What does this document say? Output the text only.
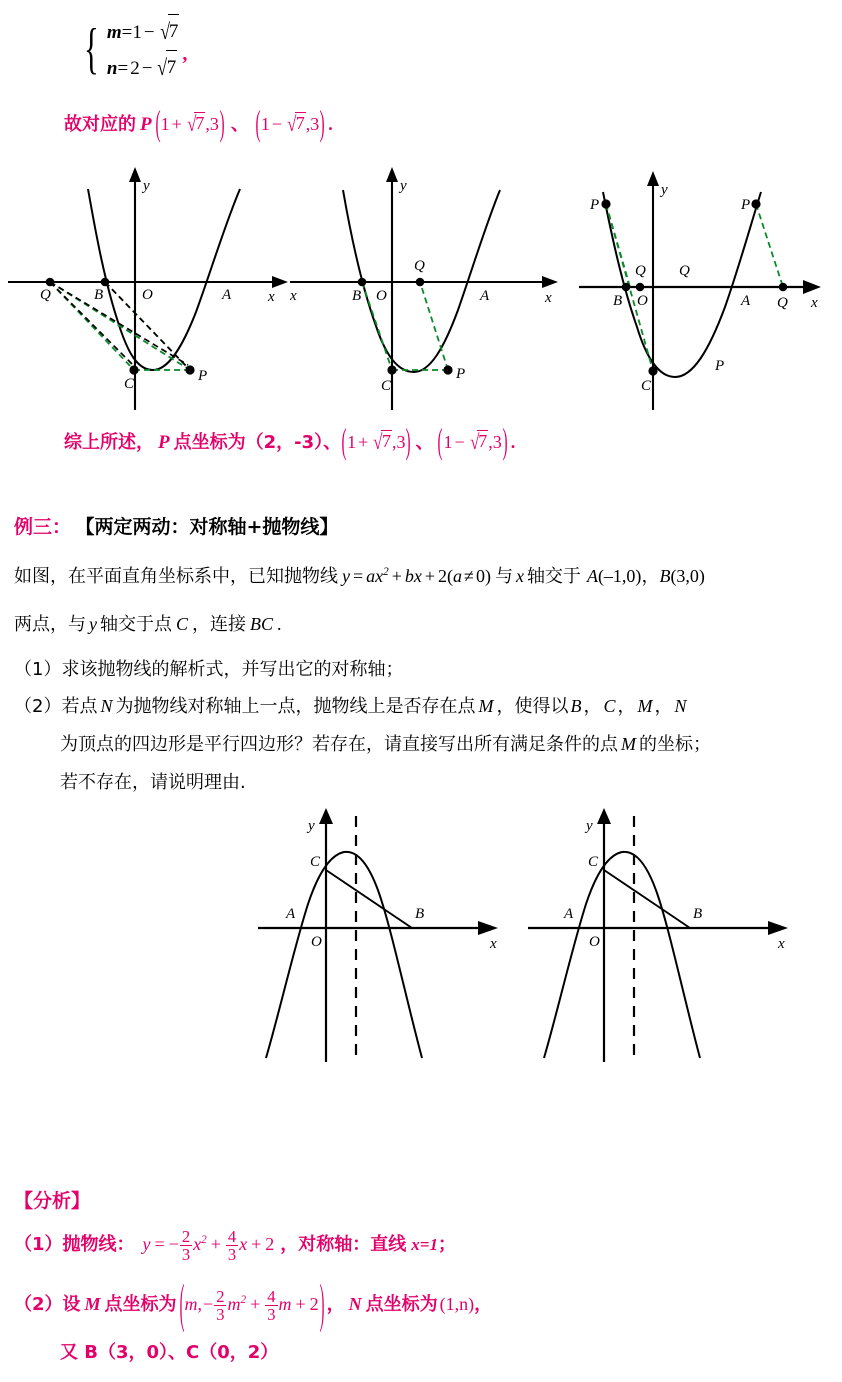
{	m=1 − √7
n= 2 − √7
	,
故对应的 P (1 + √7,3) 、 (1 − √7,3) .
Q	B	O	A
C	P
y
x	B O
Q
A
C
P
y
x
x
P	P
Q Q
Q
B O	A
C
P
y
x
综上所述， P 点坐标为（2，-3）、(1 + √7,3) 、 (1 − √7,3) .
例三： 【两定两动：对称轴+抛物线】
如图，在平面直角坐标系中，已知抛物线 $y = ax^2$ + bx + 2(a ≠ 0) 与 x 轴交于 A(–1,0)，B(3,0)
两点，与 y 轴交于点 C ，连接 BC .
（1）求该抛物线的解析式，并写出它的对称轴；
（2）若点 N 为抛物线对称轴上一点，抛物线上是否存在点 M ，使得以 B ， C ， M ， N
为顶点的四边形是平行四边形？若存在，请直接写出所有满足条件的点 M 的坐标；
若不存在，请说明理由.
C
A	B
O
y
x
C
A	B
O
y
x
【分析】
（1）抛物线： y = − $\frac{2}{3} x^2 + \frac{4}{3}$ x + 2 ，对称轴：直线 x=1；
（2）设 M 点坐标为 ($m,- \frac{2}{3} m^2 + \frac{4}{3}$ m + 2) ， N 点坐标为 (1,n)，
又 B（3，0）、C（0，2）
